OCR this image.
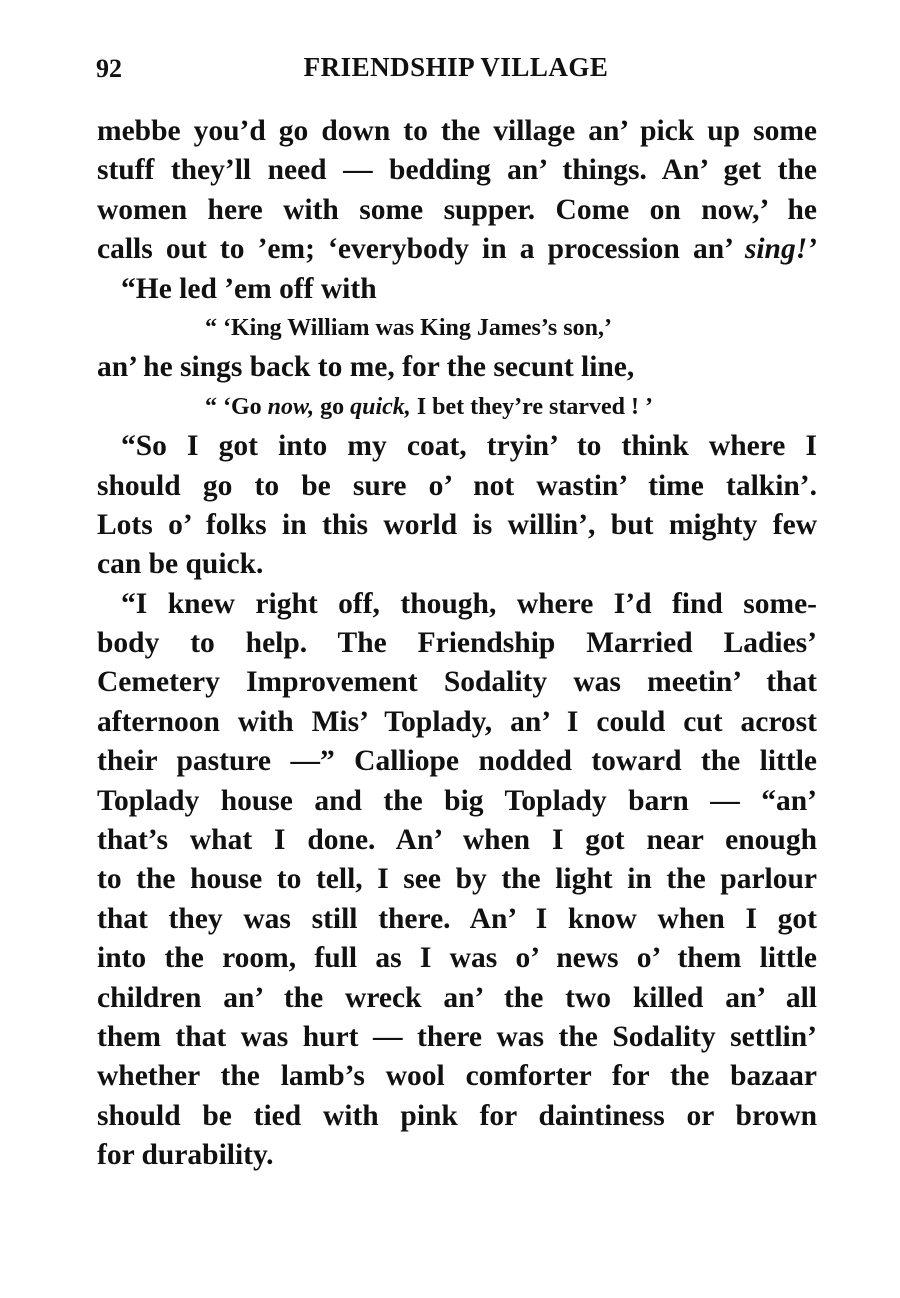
92	FRIENDSHIP VILLAGE
mebbe you’d go down to the village an’ pick up some
stuff they’ll need — bedding an’ things. An’ get the
women here with some supper. Come on now,’ he
calls out to ’em; ‘everybody in a procession an’ sing!’
“He led ’em off with
“ ‘King William was King James’s son,’
an’ he sings back to me, for the secunt line,
“ ‘Go now, go quick, I bet they’re starved ! ’
“So I got into my coat, tryin’ to think where I
should go to be sure o’ not wastin’ time talkin’.
Lots o’ folks in this world is willin’, but mighty few
can be quick.
“I knew right off, though, where I’d find some-
body to help. The Friendship Married Ladies’
Cemetery Improvement Sodality was meetin’ that
afternoon with Mis’ Toplady, an’ I could cut acrost
their pasture —” Calliope nodded toward the little
Toplady house and the big Toplady barn — “an’
that’s what I done. An’ when I got near enough
to the house to tell, I see by the light in the parlour
that they was still there. An’ I know when I got
into the room, full as I was o’ news o’ them little
children an’ the wreck an’ the two killed an’ all
them that was hurt — there was the Sodality settlin’
whether the lamb’s wool comforter for the bazaar
should be tied with pink for daintiness or brown
for durability.
